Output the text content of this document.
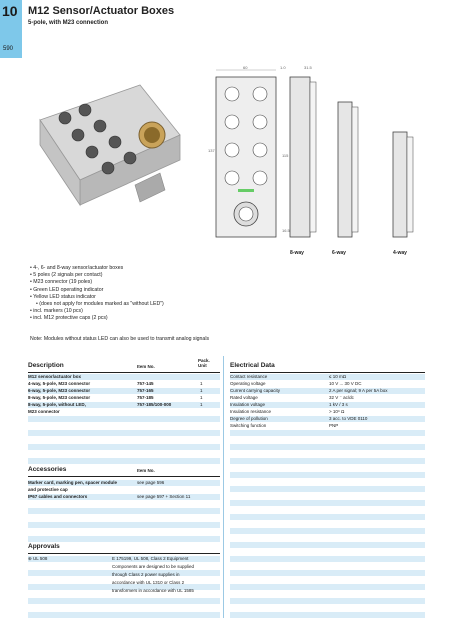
10
590
M12 Sensor/Actuator Boxes
5-pole, with M23 connection
60	1.0	31.5
137
115
16.5
8-way	6-way	4-way
• 4-, 6- and 8-way sensor/actuator boxes
• 5 poles (2 signals per contact)
• M23 connector (19 poles)
• Green LED operating indicator
• Yellow LED status indicator
• (does not apply for modules marked as "without LED")
• incl. markers (10 pcs)
• incl. M12 protective caps (2 pcs)
Note: Modules without status LED can also be used to transmit analog signals
Description	Item No.
Pack. Unit
M12 sensor/actuator box
4-way, 5-pole, M23 connector	757-145	1
6-way, 5-pole, M23 connector	757-165	1
8-way, 5-pole, M23 connector	757-185	1
8-way, 5-pole, without LED,	757-185/100-000	1
M23 connector
Accessories	Item No.
Marker card, marking pen, spacer module	see page 596
and protective cap
IP67 cables and connectors	see page 597 + Section 11
Approvals
⊛ UL 508	E 175199, UL 508, Class 2 Equipment
Components are designed to be supplied
through Class 2 power supplies in
accordance with UL 1310 or Class 2
transformers in accordance with UL 1585
Electrical Data
Contact resistance	≤ 10 mΩ
Operating voltage	10 V ... 30 V DC
Current carrying capacity	2 A per signal; 9 A per 5A box
Rated voltage	32 V ⁻ ac/dc
Insulation voltage	1 kV / 3 s
Insulation resistance	> 10⁹ Ω
Degree of pollution	3 acc. to VDE 0110
Switching function	PNP
